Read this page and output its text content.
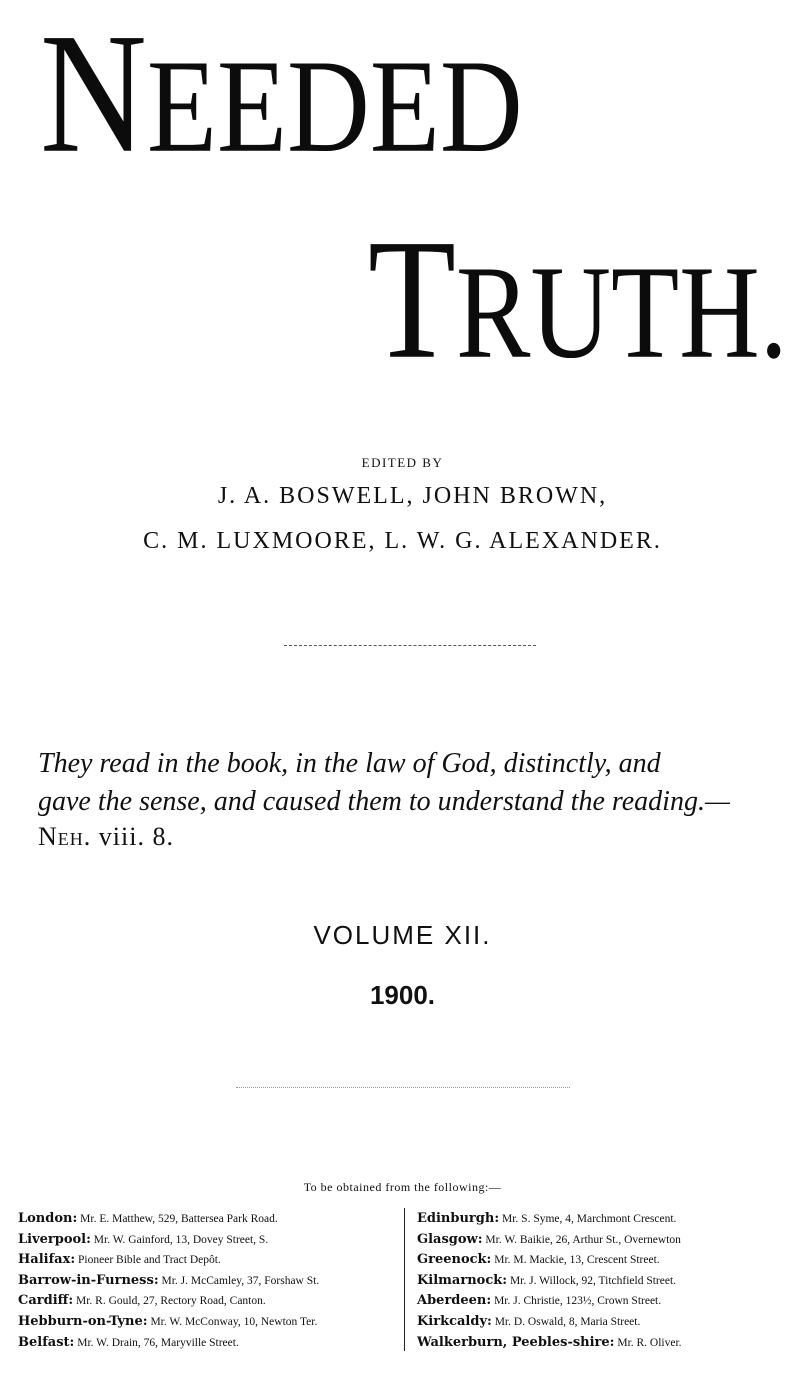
NEEDED
TRUTH.
EDITED BY
J. A. BOSWELL, JOHN BROWN,
C. M. LUXMOORE, L. W. G. ALEXANDER.
They read in the book, in the law of God, distinctly, and
gave the sense, and caused them to understand the reading.—
Neh. viii. 8.
VOLUME XII.
1900.
To be obtained from the following:—
London: Mr. E. Matthew, 529, Battersea Park Road.
Liverpool: Mr. W. Gainford, 13, Dovey Street, S.
Halifax: Pioneer Bible and Tract Depôt.
Barrow-in-Furness: Mr. J. McCamley, 37, Forshaw St.
Cardiff: Mr. R. Gould, 27, Rectory Road, Canton.
Hebburn-on-Tyne: Mr. W. McConway, 10, Newton Ter.
Belfast: Mr. W. Drain, 76, Maryville Street.
Edinburgh: Mr. S. Syme, 4, Marchmont Crescent.
Glasgow: Mr. W. Baikie, 26, Arthur St., Overnewton
Greenock: Mr. M. Mackie, 13, Crescent Street.
Kilmarnock: Mr. J. Willock, 92, Titchfield Street.
Aberdeen: Mr. J. Christie, 123½, Crown Street.
Kirkcaldy: Mr. D. Oswald, 8, Maria Street.
Walkerburn, Peebles-shire: Mr. R. Oliver.
